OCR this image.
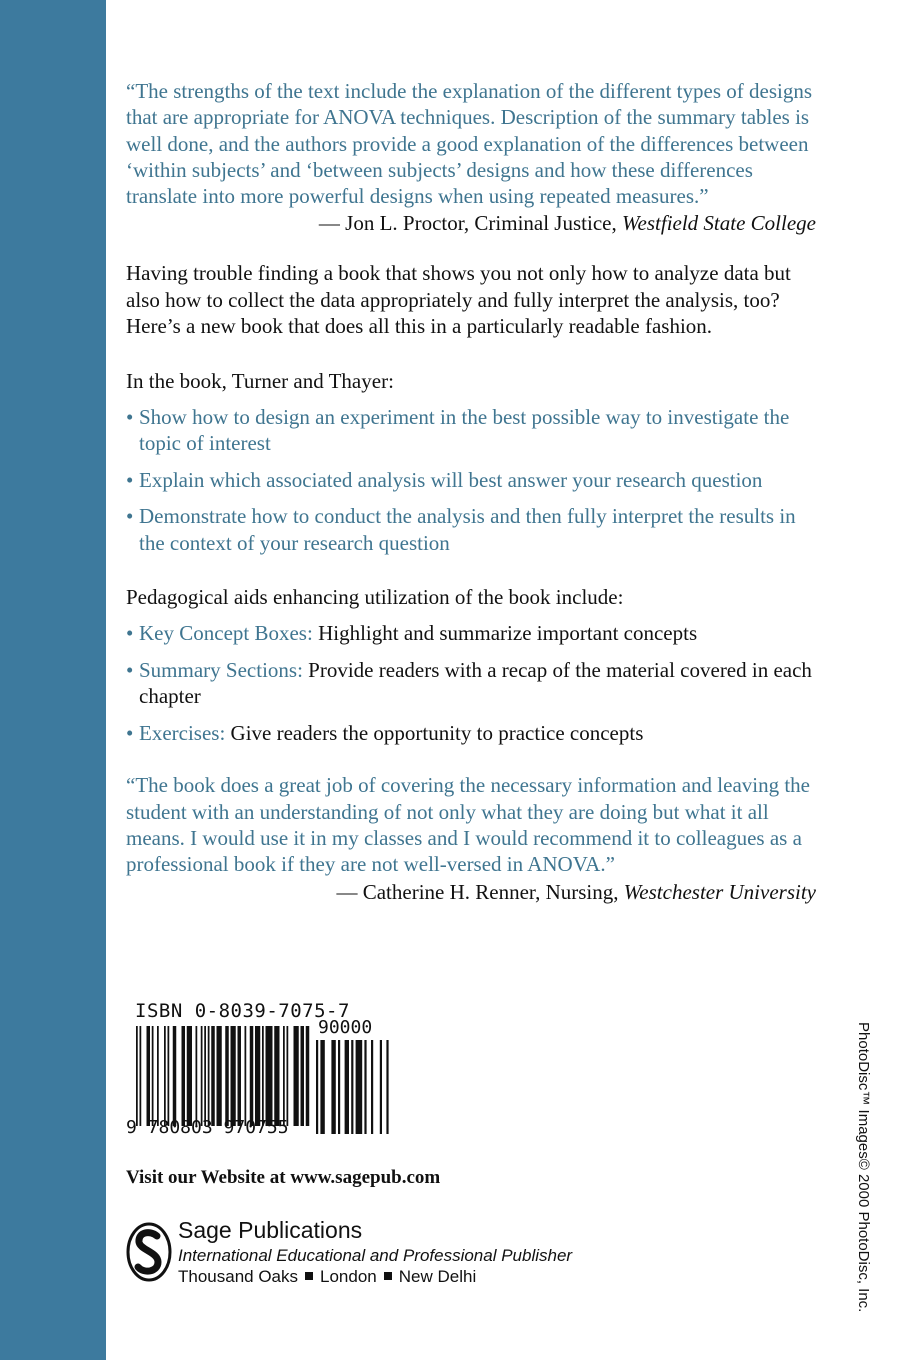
“The strengths of the text include the explanation of the different types of designs that are appropriate for ANOVA techniques. Description of the summary tables is well done, and the authors provide a good explanation of the differences between ‘within subjects’ and ‘between subjects’ designs and how these differences translate into more powerful designs when using repeated measures.”

— Jon L. Proctor, Criminal Justice, Westfield State College

Having trouble finding a book that shows you not only how to analyze data but also how to collect the data appropriately and fully interpret the analysis, too? Here’s a new book that does all this in a particularly readable fashion.

In the book, Turner and Thayer:

• Show how to design an experiment in the best possible way to investigate the topic of interest
• Explain which associated analysis will best answer your research question
• Demonstrate how to conduct the analysis and then fully interpret the results in the context of your research question

Pedagogical aids enhancing utilization of the book include:

• Key Concept Boxes: Highlight and summarize important concepts
• Summary Sections: Provide readers with a recap of the material covered in each chapter
• Exercises: Give readers the opportunity to practice concepts

“The book does a great job of covering the necessary information and leaving the student with an understanding of not only what they are doing but what it all means. I would use it in my classes and I would recommend it to colleagues as a professional book if they are not well-versed in ANOVA.”

— Catherine H. Renner, Nursing, Westchester University

ISBN 0-8039-7075-7
90000
9 780803 970755
Visit our Website at www.sagepub.com
Sage Publications
International Educational and Professional Publisher
Thousand Oaks London New Delhi	PhotoDisc™ Images© 2000 PhotoDisc, Inc.
